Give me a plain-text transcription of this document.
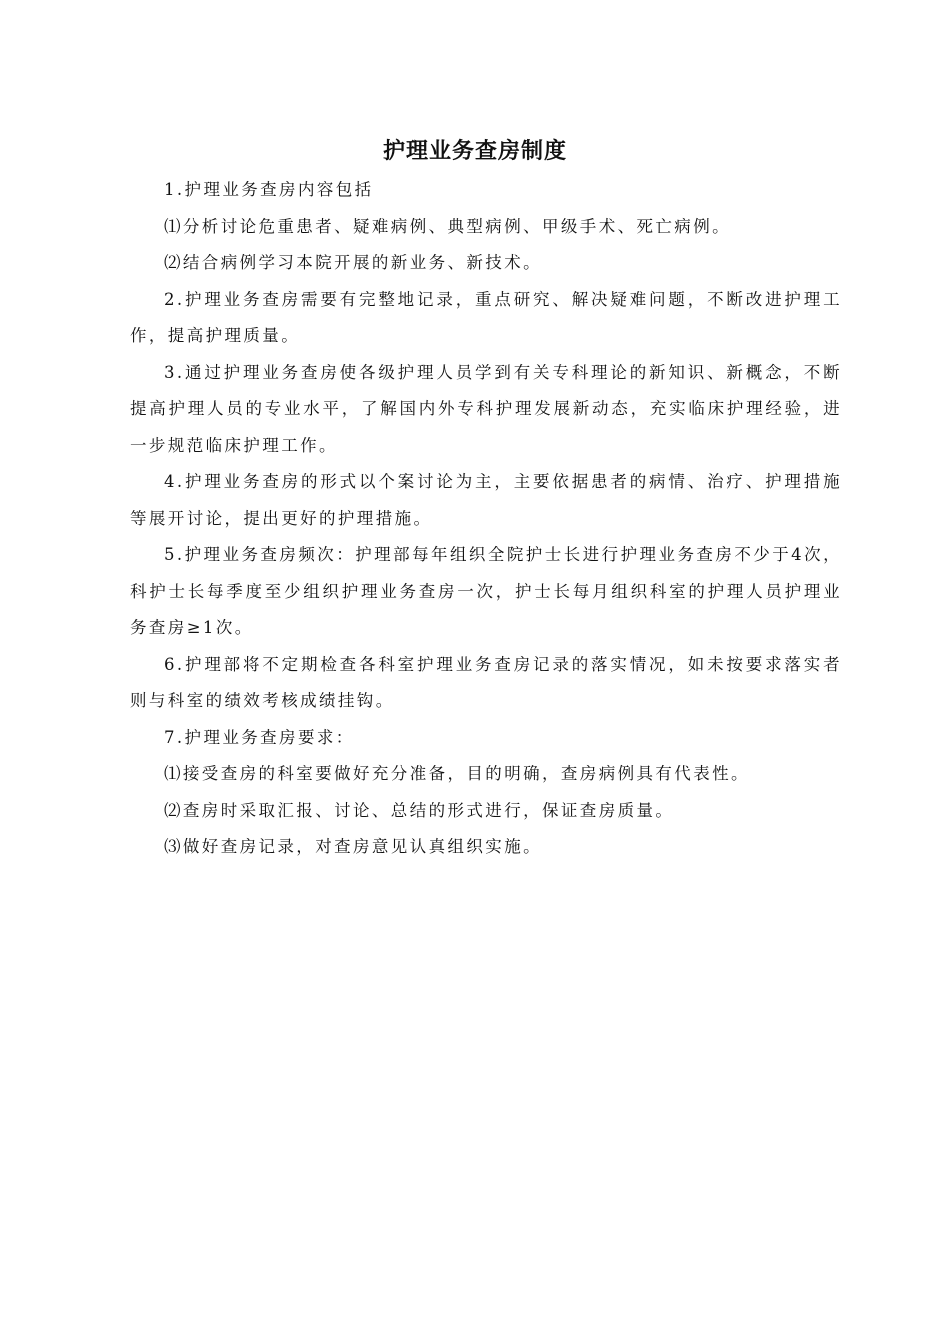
护理业务查房制度

1.护理业务查房内容包括

⑴分析讨论危重患者、疑难病例、典型病例、甲级手术、死亡病例。

⑵结合病例学习本院开展的新业务、新技术。

2.护理业务查房需要有完整地记录，重点研究、解决疑难问题，不断改进护理工作，提高护理质量。

3.通过护理业务查房使各级护理人员学到有关专科理论的新知识、新概念，不断提高护理人员的专业水平，了解国内外专科护理发展新动态，充实临床护理经验，进一步规范临床护理工作。

4.护理业务查房的形式以个案讨论为主，主要依据患者的病情、治疗、护理措施等展开讨论，提出更好的护理措施。

5.护理业务查房频次：护理部每年组织全院护士长进行护理业务查房不少于4次，科护士长每季度至少组织护理业务查房一次，护士长每月组织科室的护理人员护理业务查房≥1次。

6.护理部将不定期检查各科室护理业务查房记录的落实情况，如未按要求落实者则与科室的绩效考核成绩挂钩。

7.护理业务查房要求：

⑴接受查房的科室要做好充分准备，目的明确，查房病例具有代表性。

⑵查房时采取汇报、讨论、总结的形式进行，保证查房质量。

⑶做好查房记录，对查房意见认真组织实施。
